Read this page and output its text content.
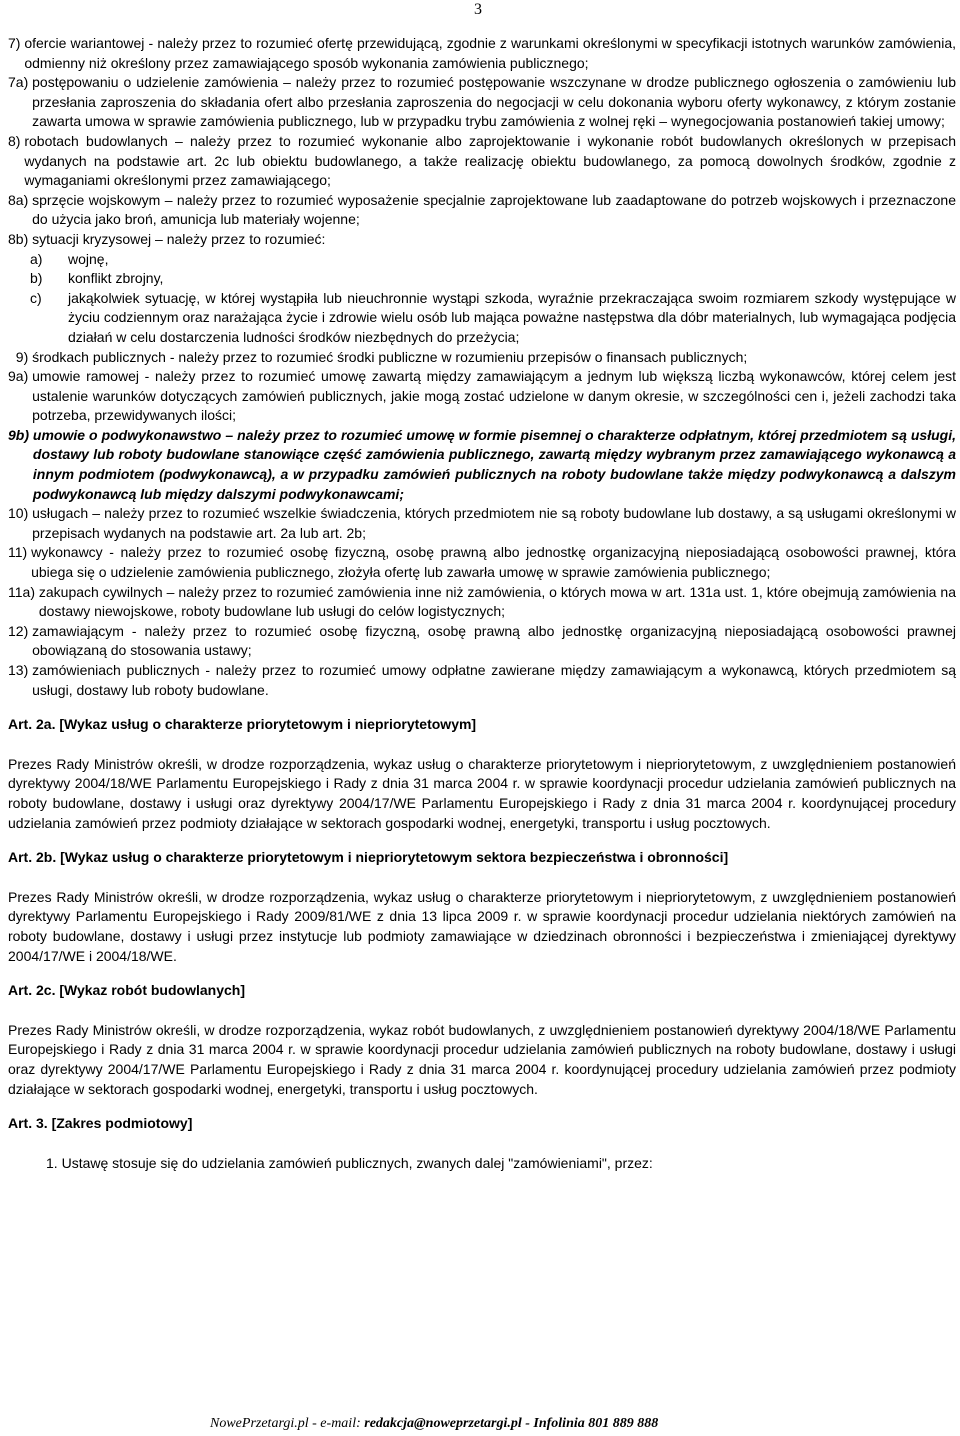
3
7) ofercie wariantowej - należy przez to rozumieć ofertę przewidującą, zgodnie z warunkami określonymi w specyfikacji istotnych warunków zamówienia, odmienny niż określony przez zamawiającego sposób wykonania zamówienia publicznego;
7a) postępowaniu o udzielenie zamówienia – należy przez to rozumieć postępowanie wszczynane w drodze publicznego ogłoszenia o zamówieniu lub przesłania zaproszenia do składania ofert albo przesłania zaproszenia do negocjacji w celu dokonania wyboru oferty wykonawcy, z którym zostanie zawarta umowa w sprawie zamówienia publicznego, lub w przypadku trybu zamówienia z wolnej ręki – wynegocjowania postanowień takiej umowy;
8) robotach budowlanych – należy przez to rozumieć wykonanie albo zaprojektowanie i wykonanie robót budowlanych określonych w przepisach wydanych na podstawie art. 2c lub obiektu budowlanego, a także realizację obiektu budowlanego, za pomocą dowolnych środków, zgodnie z wymaganiami określonymi przez zamawiającego;
8a) sprzęcie wojskowym – należy przez to rozumieć wyposażenie specjalnie zaprojektowane lub zaadaptowane do potrzeb wojskowych i przeznaczone do użycia jako broń, amunicja lub materiały wojenne;
8b) sytuacji kryzysowej – należy przez to rozumieć:
a)	wojnę,
b)	konflikt zbrojny,
c)	jakąkolwiek sytuację, w której wystąpiła lub nieuchronnie wystąpi szkoda, wyraźnie przekraczająca swoim rozmiarem szkody występujące w życiu codziennym oraz narażająca życie i zdrowie wielu osób lub mająca poważne następstwa dla dóbr materialnych, lub wymagająca podjęcia działań w celu dostarczenia ludności środków niezbędnych do przeżycia;
9) środkach publicznych - należy przez to rozumieć środki publiczne w rozumieniu przepisów o finansach publicznych;
9a) umowie ramowej - należy przez to rozumieć umowę zawartą między zamawiającym a jednym lub większą liczbą wykonawców, której celem jest ustalenie warunków dotyczących zamówień publicznych, jakie mogą zostać udzielone w danym okresie, w szczególności cen i, jeżeli zachodzi taka potrzeba, przewidywanych ilości;
9b) umowie o podwykonawstwo – należy przez to rozumieć umowę w formie pisemnej o charakterze odpłatnym, której przedmiotem są usługi, dostawy lub roboty budowlane stanowiące część zamówienia publicznego, zawartą między wybranym przez zamawiającego wykonawcą a innym podmiotem (podwykonawcą), a w przypadku zamówień publicznych na roboty budowlane także między podwykonawcą a dalszym podwykonawcą lub między dalszymi podwykonawcami;
10) usługach – należy przez to rozumieć wszelkie świadczenia, których przedmiotem nie są roboty budowlane lub dostawy, a są usługami określonymi w przepisach wydanych na podstawie art. 2a lub art. 2b;
11) wykonawcy - należy przez to rozumieć osobę fizyczną, osobę prawną albo jednostkę organizacyjną nieposiadającą osobowości prawnej, która ubiega się o udzielenie zamówienia publicznego, złożyła ofertę lub zawarła umowę w sprawie zamówienia publicznego;
11a) zakupach cywilnych – należy przez to rozumieć zamówienia inne niż zamówienia, o których mowa w art. 131a ust. 1, które obejmują zamówienia na dostawy niewojskowe, roboty budowlane lub usługi do celów logistycznych;
12) zamawiającym - należy przez to rozumieć osobę fizyczną, osobę prawną albo jednostkę organizacyjną nieposiadającą osobowości prawnej obowiązaną do stosowania ustawy;
13) zamówieniach publicznych - należy przez to rozumieć umowy odpłatne zawierane między zamawiającym a wykonawcą, których przedmiotem są usługi, dostawy lub roboty budowlane.
Art. 2a. [Wykaz usług o charakterze priorytetowym i niepriorytetowym]
Prezes Rady Ministrów określi, w drodze rozporządzenia, wykaz usług o charakterze priorytetowym i niepriorytetowym, z uwzględnieniem postanowień dyrektywy 2004/18/WE Parlamentu Europejskiego i Rady z dnia 31 marca 2004 r. w sprawie koordynacji procedur udzielania zamówień publicznych na roboty budowlane, dostawy i usługi oraz dyrektywy 2004/17/WE Parlamentu Europejskiego i Rady z dnia 31 marca 2004 r. koordynującej procedury udzielania zamówień przez podmioty działające w sektorach gospodarki wodnej, energetyki, transportu i usług pocztowych.
Art. 2b. [Wykaz usług o charakterze priorytetowym i niepriorytetowym sektora bezpieczeństwa i obronności]
Prezes Rady Ministrów określi, w drodze rozporządzenia, wykaz usług o charakterze priorytetowym i niepriorytetowym, z uwzględnieniem postanowień dyrektywy Parlamentu Europejskiego i Rady 2009/81/WE z dnia 13 lipca 2009 r. w sprawie koordynacji procedur udzielania niektórych zamówień na roboty budowlane, dostawy i usługi przez instytucje lub podmioty zamawiające w dziedzinach obronności i bezpieczeństwa i zmieniającej dyrektywy 2004/17/WE i 2004/18/WE.
Art. 2c. [Wykaz robót budowlanych]
Prezes Rady Ministrów określi, w drodze rozporządzenia, wykaz robót budowlanych, z uwzględnieniem postanowień dyrektywy 2004/18/WE Parlamentu Europejskiego i Rady z dnia 31 marca 2004 r. w sprawie koordynacji procedur udzielania zamówień publicznych na roboty budowlane, dostawy i usługi oraz dyrektywy 2004/17/WE Parlamentu Europejskiego i Rady z dnia 31 marca 2004 r. koordynującej procedury udzielania zamówień przez podmioty działające w sektorach gospodarki wodnej, energetyki, transportu i usług pocztowych.
Art. 3. [Zakres podmiotowy]
1. Ustawę stosuje się do udzielania zamówień publicznych, zwanych dalej "zamówieniami", przez:
NowePrzetargi.pl - e-mail: redakcja@noweprzetargi.pl - Infolinia 801 889 888
